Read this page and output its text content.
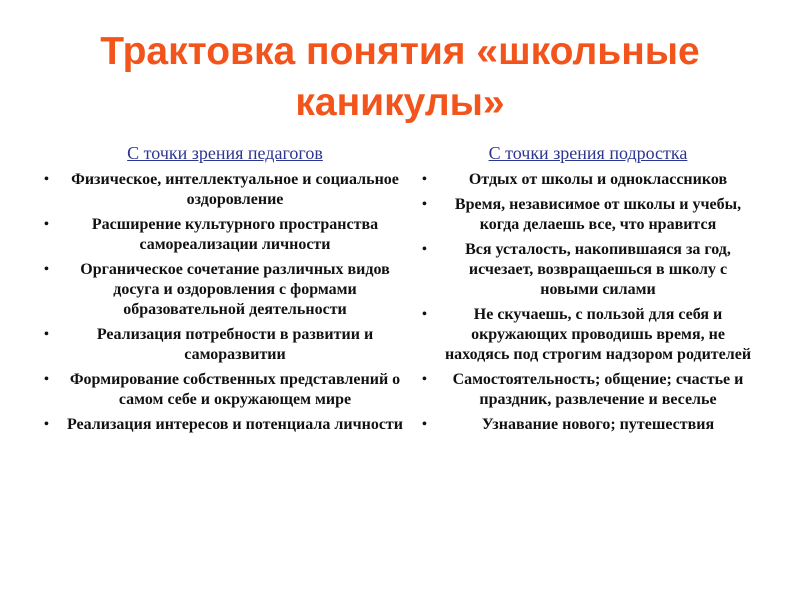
Трактовка понятия «школьные каникулы»
С точки зрения педагогов
• Физическое, интеллектуальное и социальное оздоровление
•	Расширение культурного пространства самореализации личности
• Органическое сочетание различных видов досуга и оздоровления с формами образовательной деятельности
•	Реализация потребности в развитии и саморазвитии
• Формирование собственных представлений о самом себе и окружающем мире
• Реализация интересов и потенциала личности
С точки зрения подростка
•	Отдых от школы и одноклассников
• Время, независимое от школы и учебы, когда делаешь все, что нравится
• Вся усталость, накопившаяся за год, исчезает, возвращаешься в школу с новыми силами
•	Не скучаешь, с пользой для себя и окружающих проводишь время, не находясь под строгим надзором родителей
• Самостоятельность; общение; счастье и праздник, развлечение и веселье
•	Узнавание нового; путешествия
